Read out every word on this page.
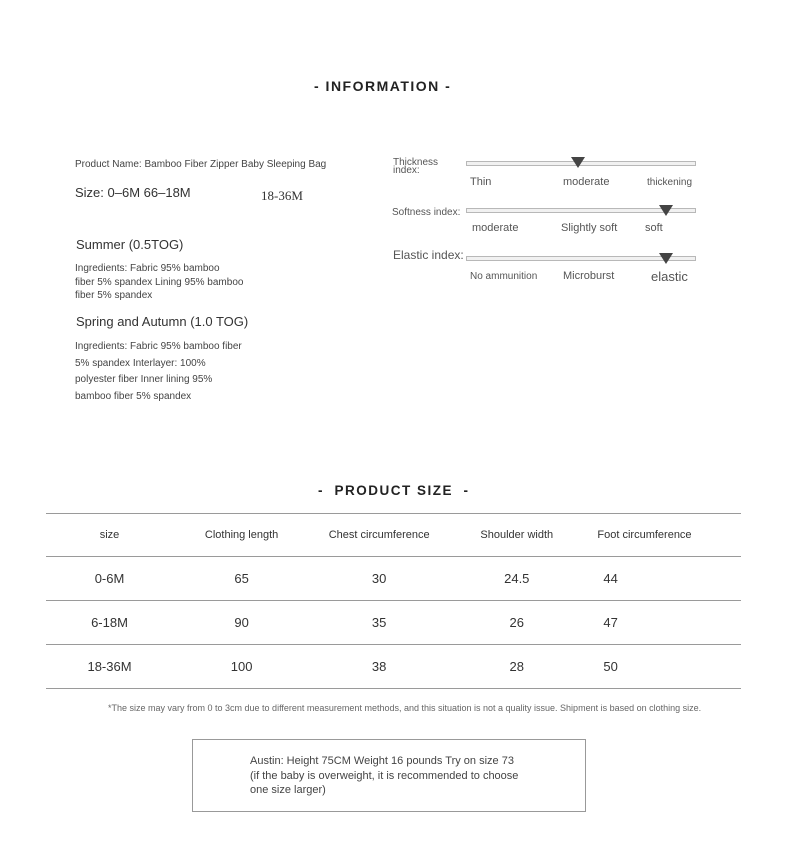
- INFORMATION -
Product Name: Bamboo Fiber Zipper Baby Sleeping Bag
Size: 0–6M 66–18M	18-36M
Summer (0.5TOG)
Ingredients: Fabric 95% bamboo
fiber 5% spandex Lining 95% bamboo
fiber 5% spandex
Spring and Autumn (1.0 TOG)
Ingredients: Fabric 95% bamboo fiber
5% spandex Interlayer: 100%
polyester fiber Inner lining 95%
bamboo fiber 5% spandex
Thickness
index:
Thin	moderate	thickening
Softness index:
moderate	Slightly soft	soft
Elastic index:
No ammunition Microburst	elastic
-  PRODUCT SIZE  -
size	Clothing length	Chest circumference	Shoulder width	Foot circumference
0-6M	65	30	24.5	44
6-18M	90	35	26	47
18-36M	100	38	28	50
*The size may vary from 0 to 3cm due to different measurement methods, and this situation is not a quality issue. Shipment is based on clothing size.
Austin: Height 75CM Weight 16 pounds Try on size 73 (if the baby is overweight, it is recommended to choose one size larger)
